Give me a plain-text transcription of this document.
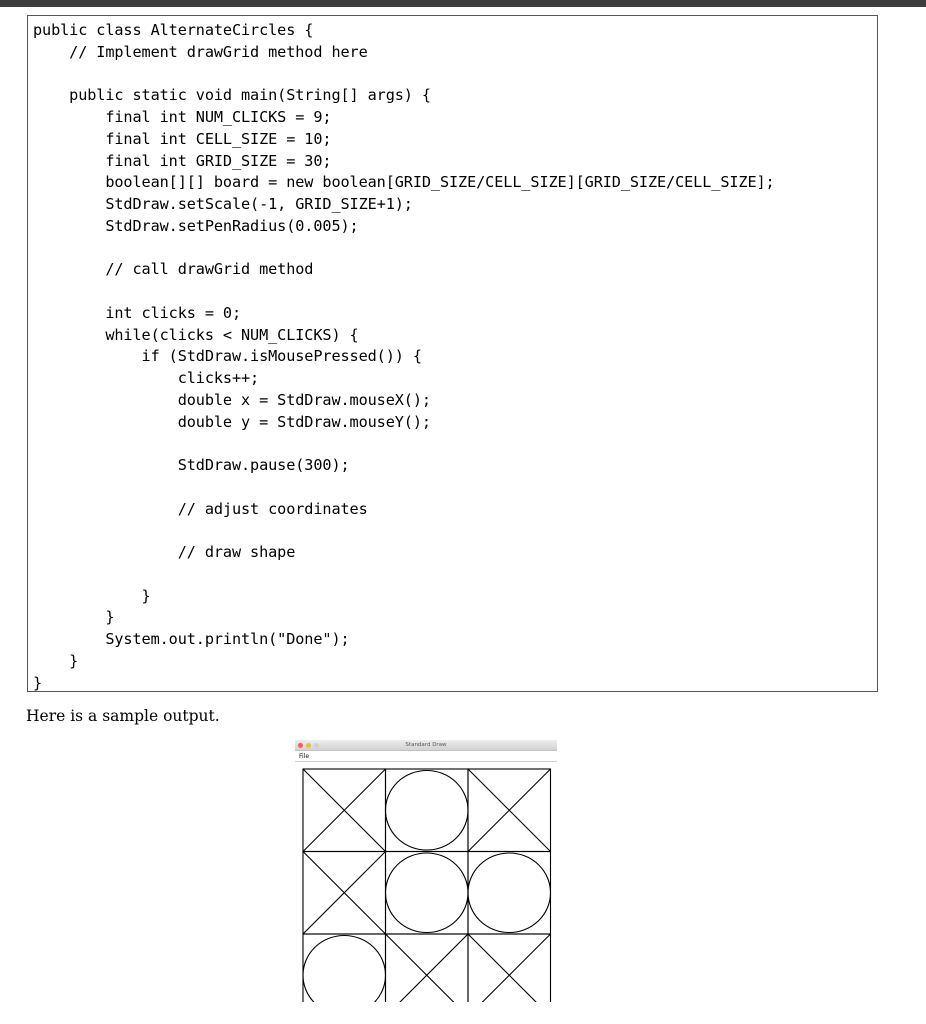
public class AlternateCircles {
// Implement drawGrid method here
public static void main(String[] args) {
final int NUM_CLICKS = 9;
final int CELL_SIZE = 10;
final int GRID_SIZE = 30;
boolean[][] board = new boolean[GRID_SIZE/CELL_SIZE][GRID_SIZE/CELL_SIZE];
StdDraw.setScale(-1, GRID_SIZE+1);
StdDraw.setPenRadius(0.005);
// call drawGrid method
int clicks = 0;
while(clicks < NUM_CLICKS) {
if (StdDraw.isMousePressed()) {
clicks++;
double x = StdDraw.mouseX();
double y = StdDraw.mouseY();
StdDraw.pause(300);
// adjust coordinates
// draw shape
}
}
System.out.println("Done");
}
}
Here is a sample output.
Standard Draw
File
